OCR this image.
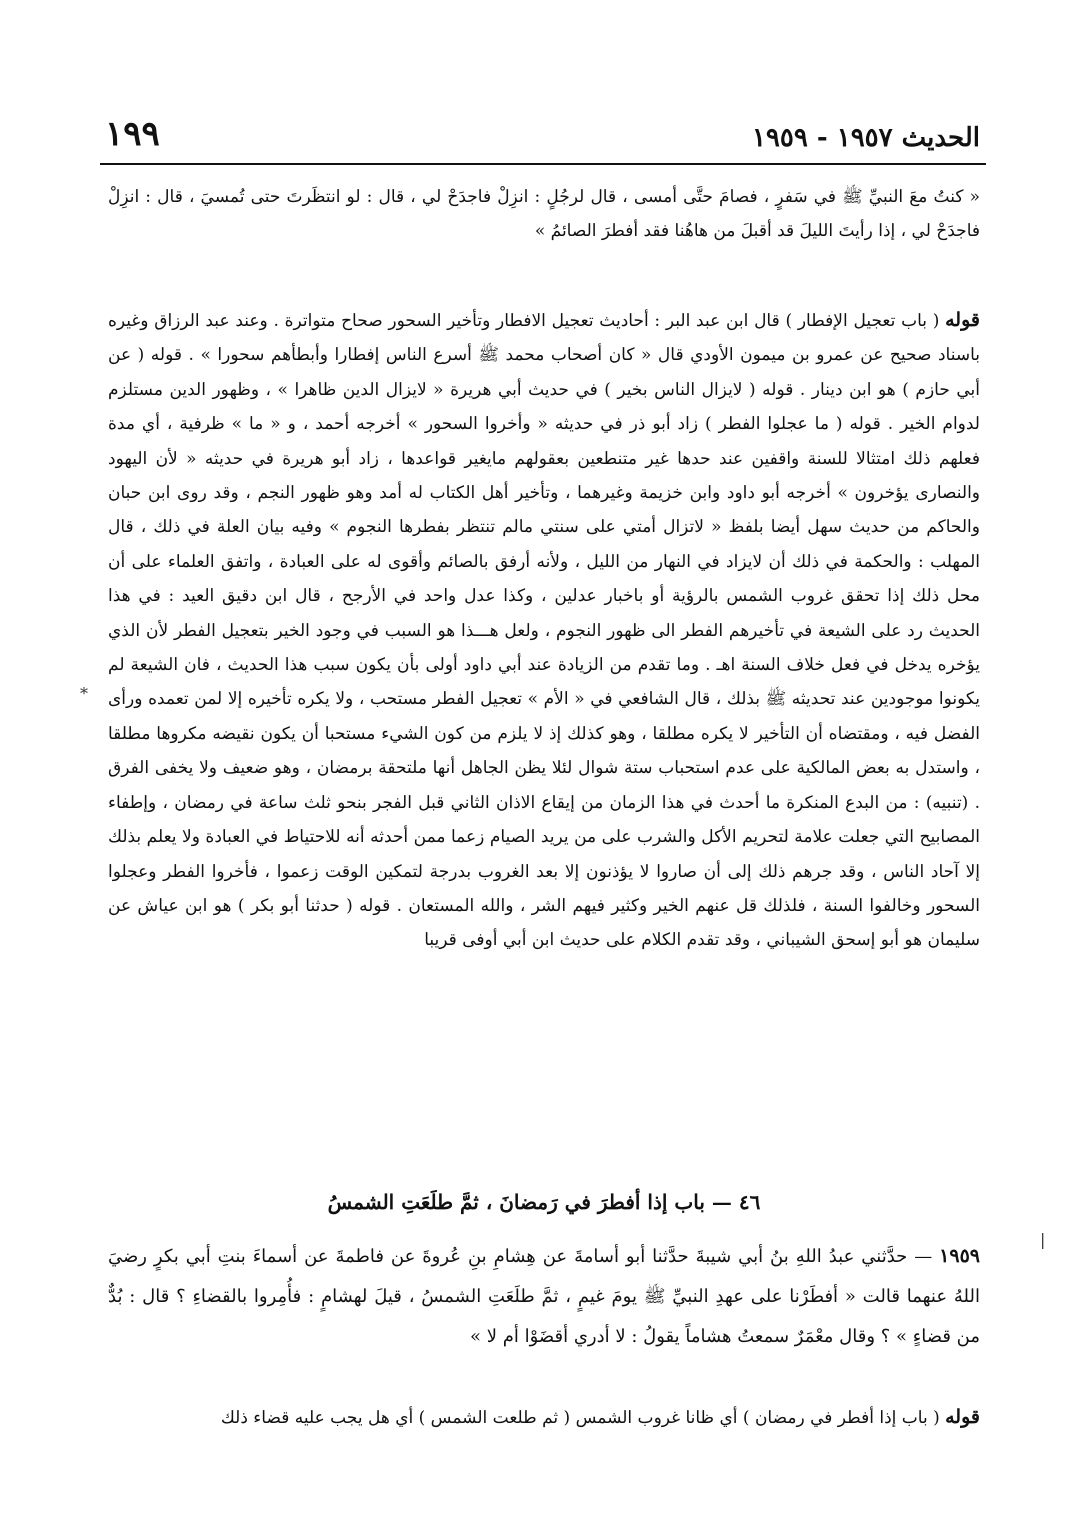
الحديث ١٩٥٧ - ١٩٥٩
١٩٩
« كنتُ معَ النبيِّ ﷺ في سَفرٍ ، فصامَ حتَّى أمسى ، قال لرجُلٍ : انزِلْ فاجدَحْ لي ، قال : لو انتظَرتَ حتى تُمسيَ ، قال : انزِلْ فاجدَحْ لي ، إذا رأيتَ الليلَ قد أقبلَ من هاهُنا فقد أفطرَ الصائمُ »
قوله ( باب تعجيل الإفطار ) قال ابن عبد البر : أحاديث تعجيل الافطار وتأخير السحور صحاح متواترة . وعند عبد الرزاق وغيره باسناد صحيح عن عمرو بن ميمون الأودي قال « كان أصحاب محمد ﷺ أسرع الناس إفطارا وأبطأهم سحورا » . قوله ( عن أبي حازم ) هو ابن دينار . قوله ( لايزال الناس بخير ) في حديث أبي هريرة « لايزال الدين ظاهرا » ، وظهور الدين مستلزم لدوام الخير . قوله ( ما عجلوا الفطر ) زاد أبو ذر في حديثه « وأخروا السحور » أخرجه أحمد ، و « ما » ظرفية ، أي مدة فعلهم ذلك امتثالا للسنة واقفين عند حدها غير متنطعين بعقولهم مايغير قواعدها ، زاد أبو هريرة في حديثه « لأن اليهود والنصارى يؤخرون » أخرجه أبو داود وابن خزيمة وغيرهما ، وتأخير أهل الكتاب له أمد وهو ظهور النجم ، وقد روى ابن حبان والحاكم من حديث سهل أيضا بلفظ « لاتزال أمتي على سنتي مالم تنتظر بفطرها النجوم » وفيه بيان العلة في ذلك ، قال المهلب : والحكمة في ذلك أن لايزاد في النهار من الليل ، ولأنه أرفق بالصائم وأقوى له على العبادة ، واتفق العلماء على أن محل ذلك إذا تحقق غروب الشمس بالرؤية أو باخبار عدلين ، وكذا عدل واحد في الأرجح ، قال ابن دقيق العيد : في هذا الحديث رد على الشيعة في تأخيرهم الفطر الى ظهور النجوم ، ولعل هـــذا هو السبب في وجود الخير بتعجيل الفطر لأن الذي يؤخره يدخل في فعل خلاف السنة اهـ . وما تقدم من الزيادة عند أبي داود أولى بأن يكون سبب هذا الحديث ، فان الشيعة لم يكونوا موجودين عند تحديثه ﷺ بذلك ، قال الشافعي في « الأم » تعجيل الفطر مستحب ، ولا يكره تأخيره إلا لمن تعمده ورأى الفضل فيه ، ومقتضاه أن التأخير لا يكره مطلقا ، وهو كذلك إذ لا يلزم من كون الشيء مستحبا أن يكون نقيضه مكروها مطلقا ، واستدل به بعض المالكية على عدم استحباب ستة شوال لئلا يظن الجاهل أنها ملتحقة برمضان ، وهو ضعيف ولا يخفى الفرق . (تنبيه) : من البدع المنكرة ما أحدث في هذا الزمان من إيقاع الاذان الثاني قبل الفجر بنحو ثلث ساعة في رمضان ، وإطفاء المصابيح التي جعلت علامة لتحريم الأكل والشرب على من يريد الصيام زعما ممن أحدثه أنه للاحتياط في العبادة ولا يعلم بذلك إلا آحاد الناس ، وقد جرهم ذلك إلى أن صاروا لا يؤذنون إلا بعد الغروب بدرجة لتمكين الوقت زعموا ، فأخروا الفطر وعجلوا السحور وخالفوا السنة ، فلذلك قل عنهم الخير وكثير فيهم الشر ، والله المستعان . قوله ( حدثنا أبو بكر ) هو ابن عياش عن سليمان هو أبو إسحق الشيباني ، وقد تقدم الكلام على حديث ابن أبي أوفى قريبا
٤٦ — باب إذا أفطرَ في رَمضانَ ، ثمَّ طلَعَتِ الشمسُ
١٩٥٩ — حدَّثني عبدُ اللهِ بنُ أبي شيبةَ حدَّثنا أبو أسامةَ عن هِشامِ بنِ عُروةَ عن فاطمةَ عن أسماءَ بنتِ أبي بكرٍ رضيَ اللهُ عنهما قالت « أفطَرْنا على عهدِ النبيِّ ﷺ يومَ غيمٍ ، ثمَّ طلَعَتِ الشمسُ ، قيلَ لهشامٍ : فأُمِروا بالقضاءِ ؟ قال : بُدٌّ من قضاءٍ » ؟ وقال معْمَرٌ سمعتُ هشاماً يقولُ : لا أدري أقضَوْا أم لا »
قوله ( باب إذا أفطر في رمضان ) أي ظانا غروب الشمس ( ثم طلعت الشمس ) أي هل يجب عليه قضاء ذلك
*
|
